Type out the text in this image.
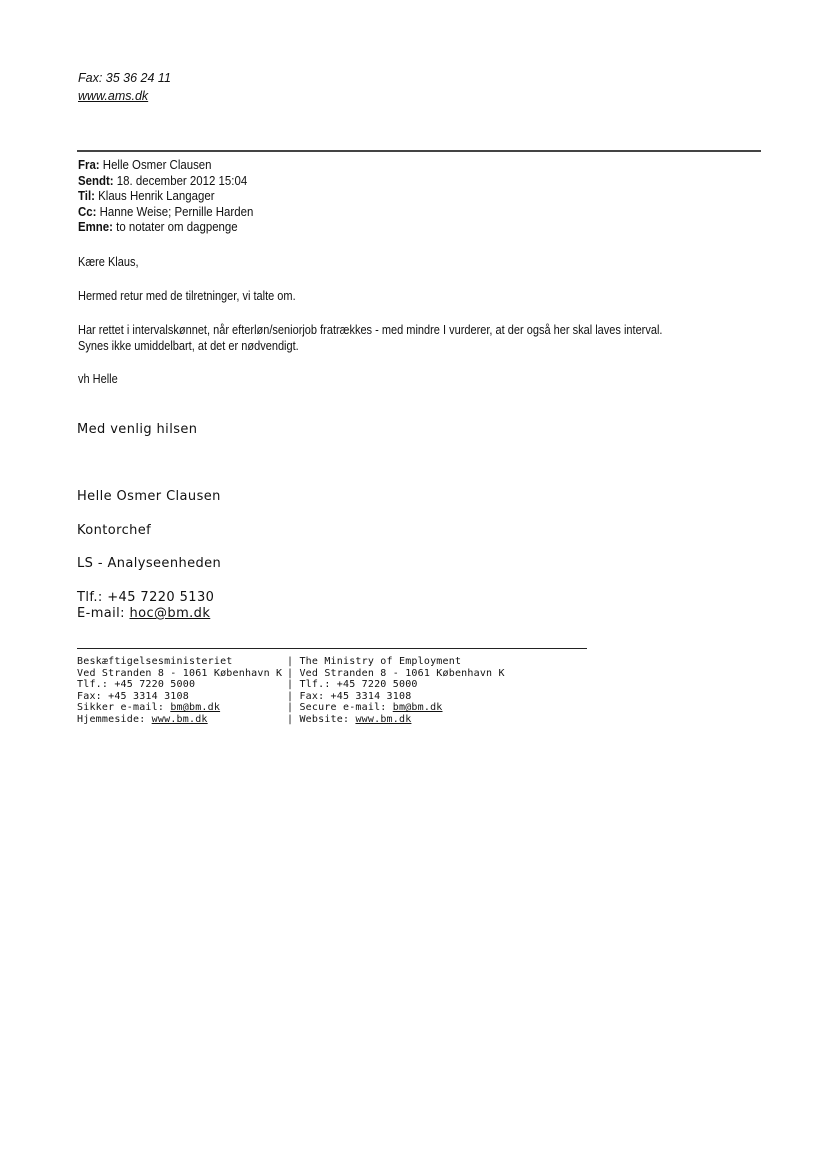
Fax: 35 36 24 11
www.ams.dk
Fra: Helle Osmer Clausen
Sendt: 18. december 2012 15:04
Til: Klaus Henrik Langager
Cc: Hanne Weise; Pernille Harden
Emne: to notater om dagpenge
Kære Klaus,
Hermed retur med de tilretninger, vi talte om.
Har rettet i intervalskønnet, når efterløn/seniorjob fratrækkes - med mindre I vurderer, at der også her skal laves interval.
Synes ikke umiddelbart, at det er nødvendigt.
vh Helle
Med venlig hilsen
Helle Osmer Clausen
Kontorchef
LS - Analyseenheden
Tlf.: +45 7220 5130
E-mail: hoc@bm.dk
Beskæftigelsesministeriet
Ved Stranden 8 - 1061 København K
Tlf.: +45 7220 5000
Fax: +45 3314 3108
Sikker e-mail: bm@bm.dk
Hjemmeside: www.bm.dk
| The Ministry of Employment
| Ved Stranden 8 - 1061 København K
| Tlf.: +45 7220 5000
| Fax: +45 3314 3108
| Secure e-mail: bm@bm.dk
| Website: www.bm.dk
